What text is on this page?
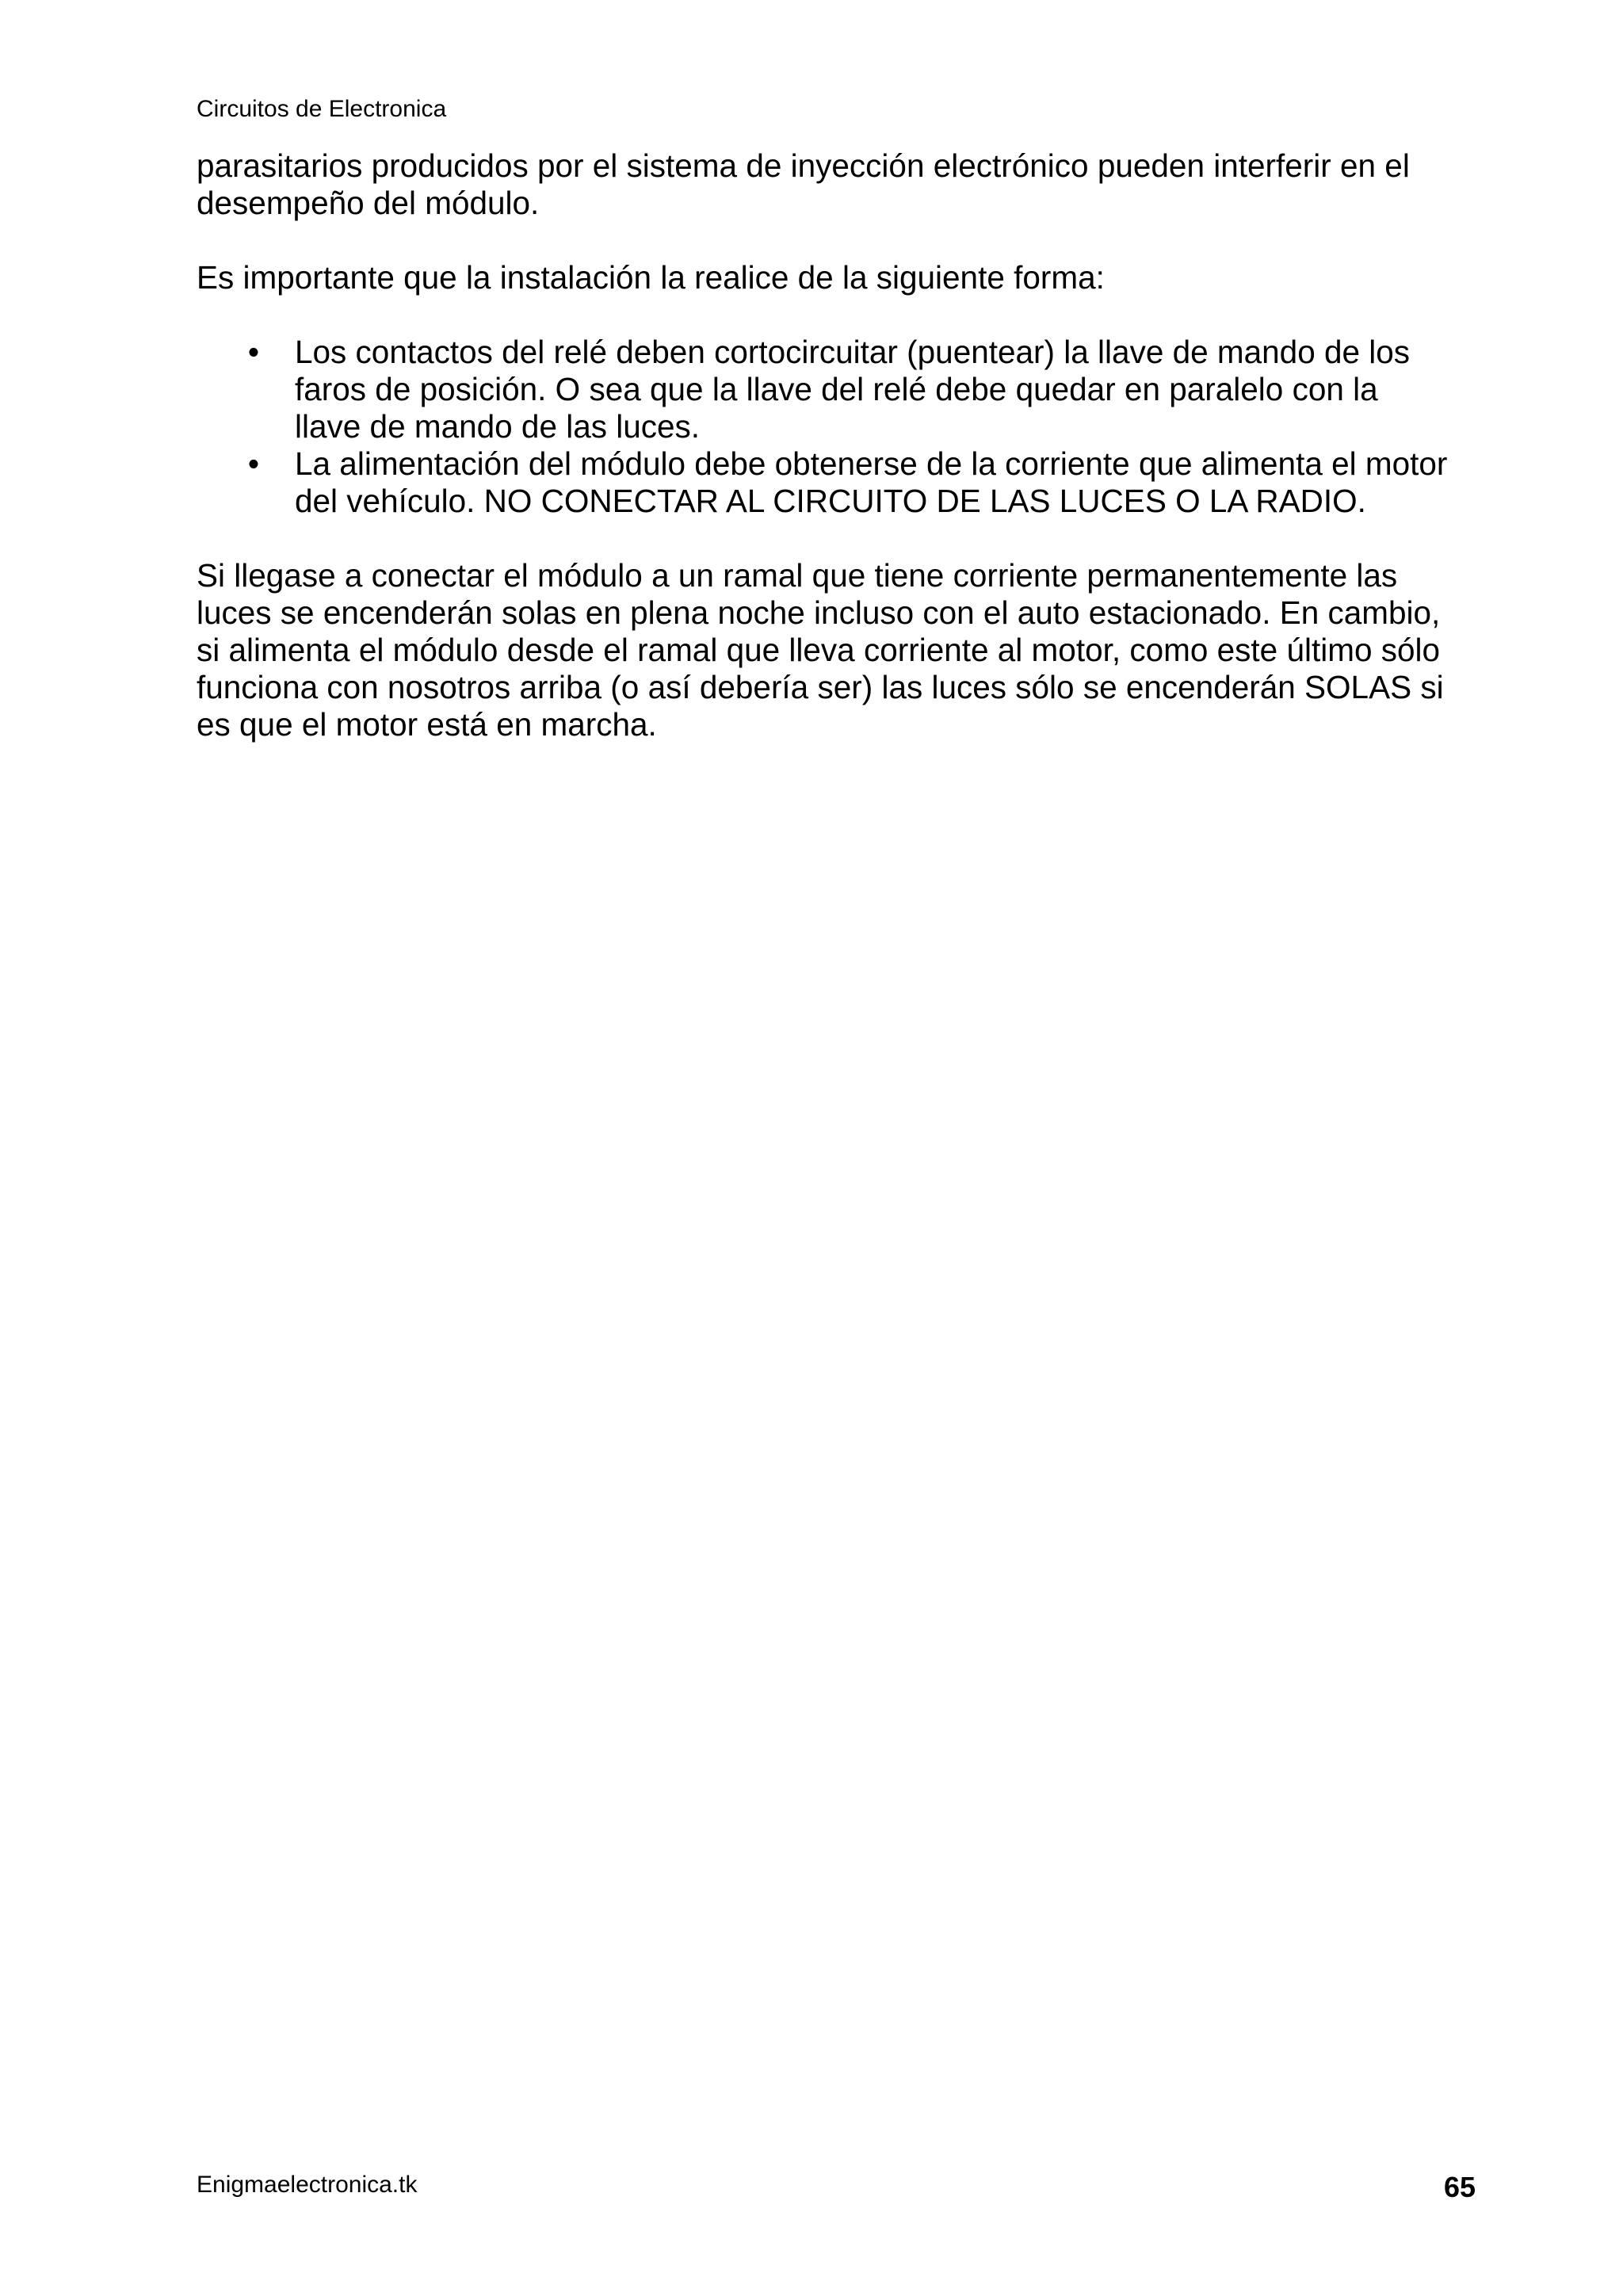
Circuitos de Electronica
parasitarios producidos por el sistema de inyección electrónico pueden interferir en el
desempeño del módulo.
Es importante que la instalación la realice de la siguiente forma:
• Los contactos del relé deben cortocircuitar (puentear) la llave de mando de los
faros de posición. O sea que la llave del relé debe quedar en paralelo con la
llave de mando de las luces.
• La alimentación del módulo debe obtenerse de la corriente que alimenta el motor
del vehículo. NO CONECTAR AL CIRCUITO DE LAS LUCES O LA RADIO.
Si llegase a conectar el módulo a un ramal que tiene corriente permanentemente las
luces se encenderán solas en plena noche incluso con el auto estacionado. En cambio,
si alimenta el módulo desde el ramal que lleva corriente al motor, como este último sólo
funciona con nosotros arriba (o así debería ser) las luces sólo se encenderán SOLAS si
es que el motor está en marcha.
Enigmaelectronica.tk	65
